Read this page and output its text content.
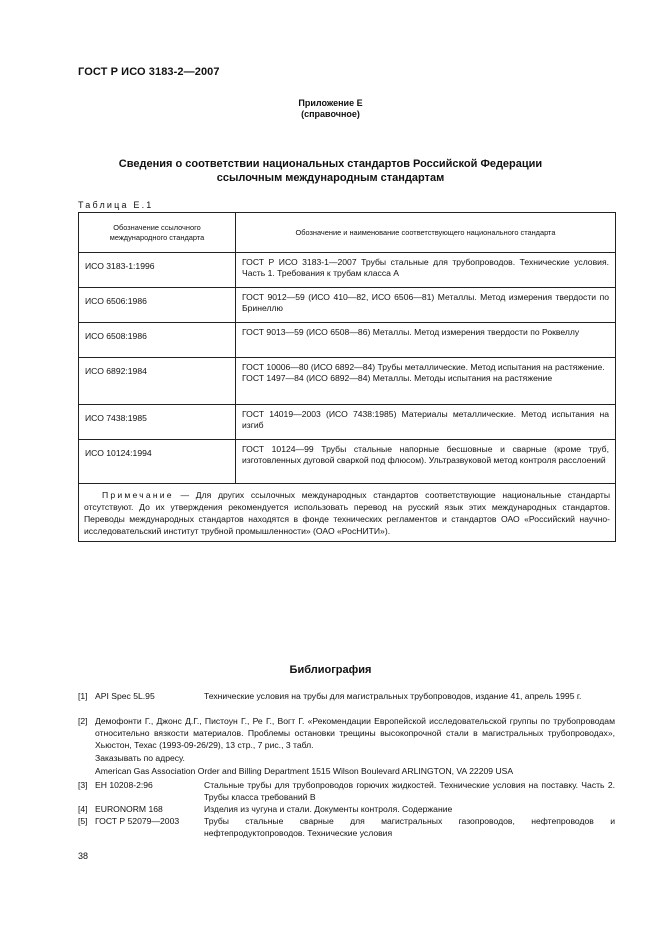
ГОСТ Р ИСО 3183-2—2007
Приложение Е
(справочное)
Сведения о соответствии национальных стандартов Российской Федерации
ссылочным международным стандартам
Таблица Е.1
Обозначение ссылочного международного стандарта	Обозначение и наименование соответствующего национального стандарта
ИСО 3183-1:1996	ГОСТ Р ИСО 3183-1—2007 Трубы стальные для трубопроводов. Технические условия. Часть 1. Требования к трубам класса А
ИСО 6506:1986	ГОСТ 9012—59 (ИСО 410—82, ИСО 6506—81) Металлы. Метод измерения твердости по Бринеллю
ИСО 6508:1986	ГОСТ 9013—59 (ИСО 6508—86) Металлы. Метод измерения твердости по Роквеллу
ИСО 6892:1984	ГОСТ 10006—80 (ИСО 6892—84) Трубы металлические. Метод испытания на растяжение.
ГОСТ 1497—84 (ИСО 6892—84) Металлы. Методы испытания на растяжение

ИСО 7438:1985	ГОСТ 14019—2003 (ИСО 7438:1985) Материалы металлические. Метод испытания на изгиб
ИСО 10124:1994	ГОСТ 10124—99 Трубы стальные напорные бесшовные и сварные (кроме труб, изготовленных дуговой сваркой под флюсом). Ультразвуковой метод контроля расслоений
Примечание — Для других ссылочных международных стандартов соответствующие национальные стандарты отсутствуют. До их утверждения рекомендуется использовать перевод на русский язык этих международных стандартов. Переводы международных стандартов находятся в фонде технических регламентов и стандартов ОАО «Российский научно-исследовательский институт трубной промышленности» (ОАО «РосНИТИ»).	
Библиография
[1] API Spec 5L.95	Технические условия на трубы для магистральных трубопроводов, издание 41, апрель 1995 г.
[2] Демофонти Г., Джонс Д.Г., Пистоун Г., Ре Г., Вогт Г. «Рекомендации Европейской исследовательской группы по трубопроводам относительно вязкости материалов. Проблемы остановки трещины высокопрочной стали в магистральных трубопроводах», Хьюстон, Техас (1993-09-26/29), 13 стр., 7 рис., 3 табл.
Заказывать по адресу.
American Gas Association Order and Billing Department 1515 Wilson Boulevard ARLINGTON, VA 22209 USA
[3] ЕН 10208-2:96	Стальные трубы для трубопроводов горючих жидкостей. Технические условия на поставку. Часть 2. Трубы класса требований В
[4] EURONORM 168	Изделия из чугуна и стали. Документы контроля. Содержание
[5] ГОСТ Р 52079—2003	Трубы стальные сварные для магистральных газопроводов, нефтепроводов и нефтепродуктопроводов. Технические условия
38
